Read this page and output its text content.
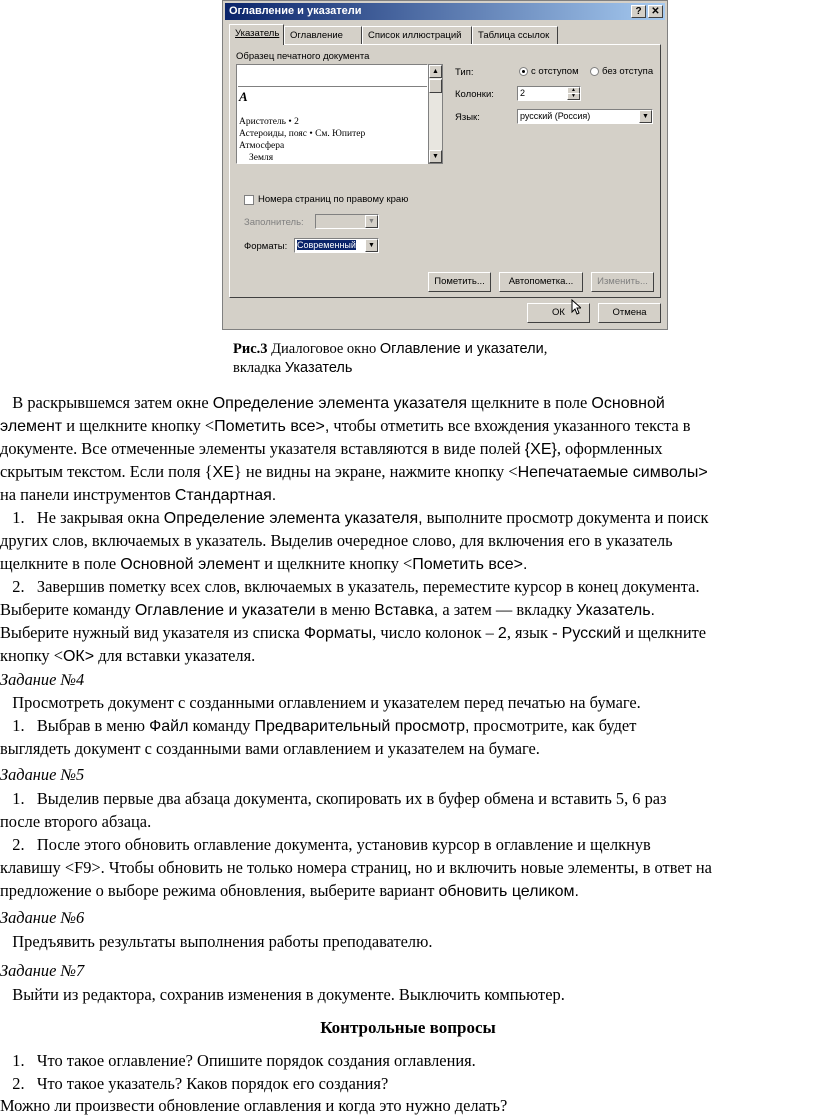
Оглавление и указатели	? ✕
Указатель	Оглавление	Список иллюстраций	Таблица ссылок
Образец печатного документа
A
Аристотель • 2
Астероиды, пояс • См. Юпитер
Атмосфера
Земля
▲
▼
Тип:	с отступом без отступа
Колонки:	2	▲
▼
Язык:	русский (Россия)	▼
Номера страниц по правому краю
Заполнитель:	▼
Форматы:	Современный	▼
Пометить...	Автопометка...	Изменить...
ОК	Отмена
Рис.3 Диалоговое окно Оглавление и указатели,
вкладка Указатель
В раскрывшемся затем окне Определение элемента указателя щелкните в поле Основной
элемент и щелкните кнопку <Пометить все>, чтобы отметить все вхождения указанного текста в
документе. Все отмеченные элементы указателя вставляются в виде полей {XE}, оформленных
скрытым текстом. Если поля {XE} не видны на экране, нажмите кнопку <Непечатаемые символы>
на панели инструментов Стандартная.
1.   Не закрывая окна Определение элемента указателя, выполните просмотр документа и поиск
других слов, включаемых в указатель. Выделив очередное слово, для включения его в указатель
щелкните в поле Основной элемент и щелкните кнопку <Пометить все>.
2.   Завершив пометку всех слов, включаемых в указатель, переместите курсор в конец документа.
Выберите команду Оглавление и указатели в меню Вставка, а затем — вкладку Указатель.
Выберите нужный вид указателя из списка Форматы, число колонок – 2, язык - Русский и щелкните
кнопку <ОК> для вставки указателя.
Задание №4
Просмотреть документ с созданными оглавлением и указателем перед печатью на бумаге.
1.   Выбрав в меню Файл команду Предварительный просмотр, просмотрите, как будет
выглядеть документ с созданными вами оглавлением и указателем на бумаге.
Задание №5
1.   Выделив первые два абзаца документа, скопировать их в буфер обмена и вставить 5, 6 раз
после второго абзаца.
2.   После этого обновить оглавление документа, установив курсор в оглавление и щелкнув
клавишу <F9>. Чтобы обновить не только номера страниц, но и включить новые элементы, в ответ на
предложение о выборе режима обновления, выберите вариант обновить целиком.
Задание №6
Предъявить результаты выполнения работы преподавателю.
Задание №7
Выйти из редактора, сохранив изменения в документе. Выключить компьютер.
Контрольные вопросы
1.   Что такое оглавление? Опишите порядок создания оглавления.
2.   Что такое указатель? Каков порядок его создания?
Можно ли произвести обновление оглавления и когда это нужно делать?
